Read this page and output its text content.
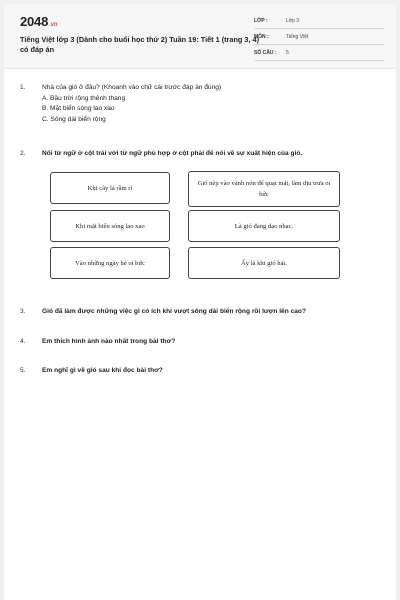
2048.vn
Tiếng Việt lớp 3 (Dành cho buổi học thứ 2) Tuần 19: Tiết 1 (trang 3, 4) có đáp án
LỚP :	Lớp 3
MÔN :	Tiếng Việt
SỐ CÂU : 5
1.	Nhà của gió ở đâu? (Khoanh vào chữ cái trước đáp án đúng)
A. Bầu trời rộng thênh thang
B. Mặt biển sóng lao xao
C. Sông dài biển rộng
2.	Nối từ ngữ ở cột trái với từ ngữ phù hợp ở cột phải để nói về sự xuất hiện của gió.
Khi cây lá rầm rì
Khi mặt biển sóng lao xao
Vào những ngày hè oi bức
Gió nép vào vành nón để quạt mát, làm dịu trưa oi bức
Là gió đang dạo nhạc.
Ấy là khi gió hát.
3.	Gió đã làm được những việc gì có ích khi vượt sông dài biển rộng rồi lượn lên cao?
4.	Em thích hình ảnh nào nhất trong bài thơ?
5.	Em nghĩ gì về gió sau khi đọc bài thơ?
